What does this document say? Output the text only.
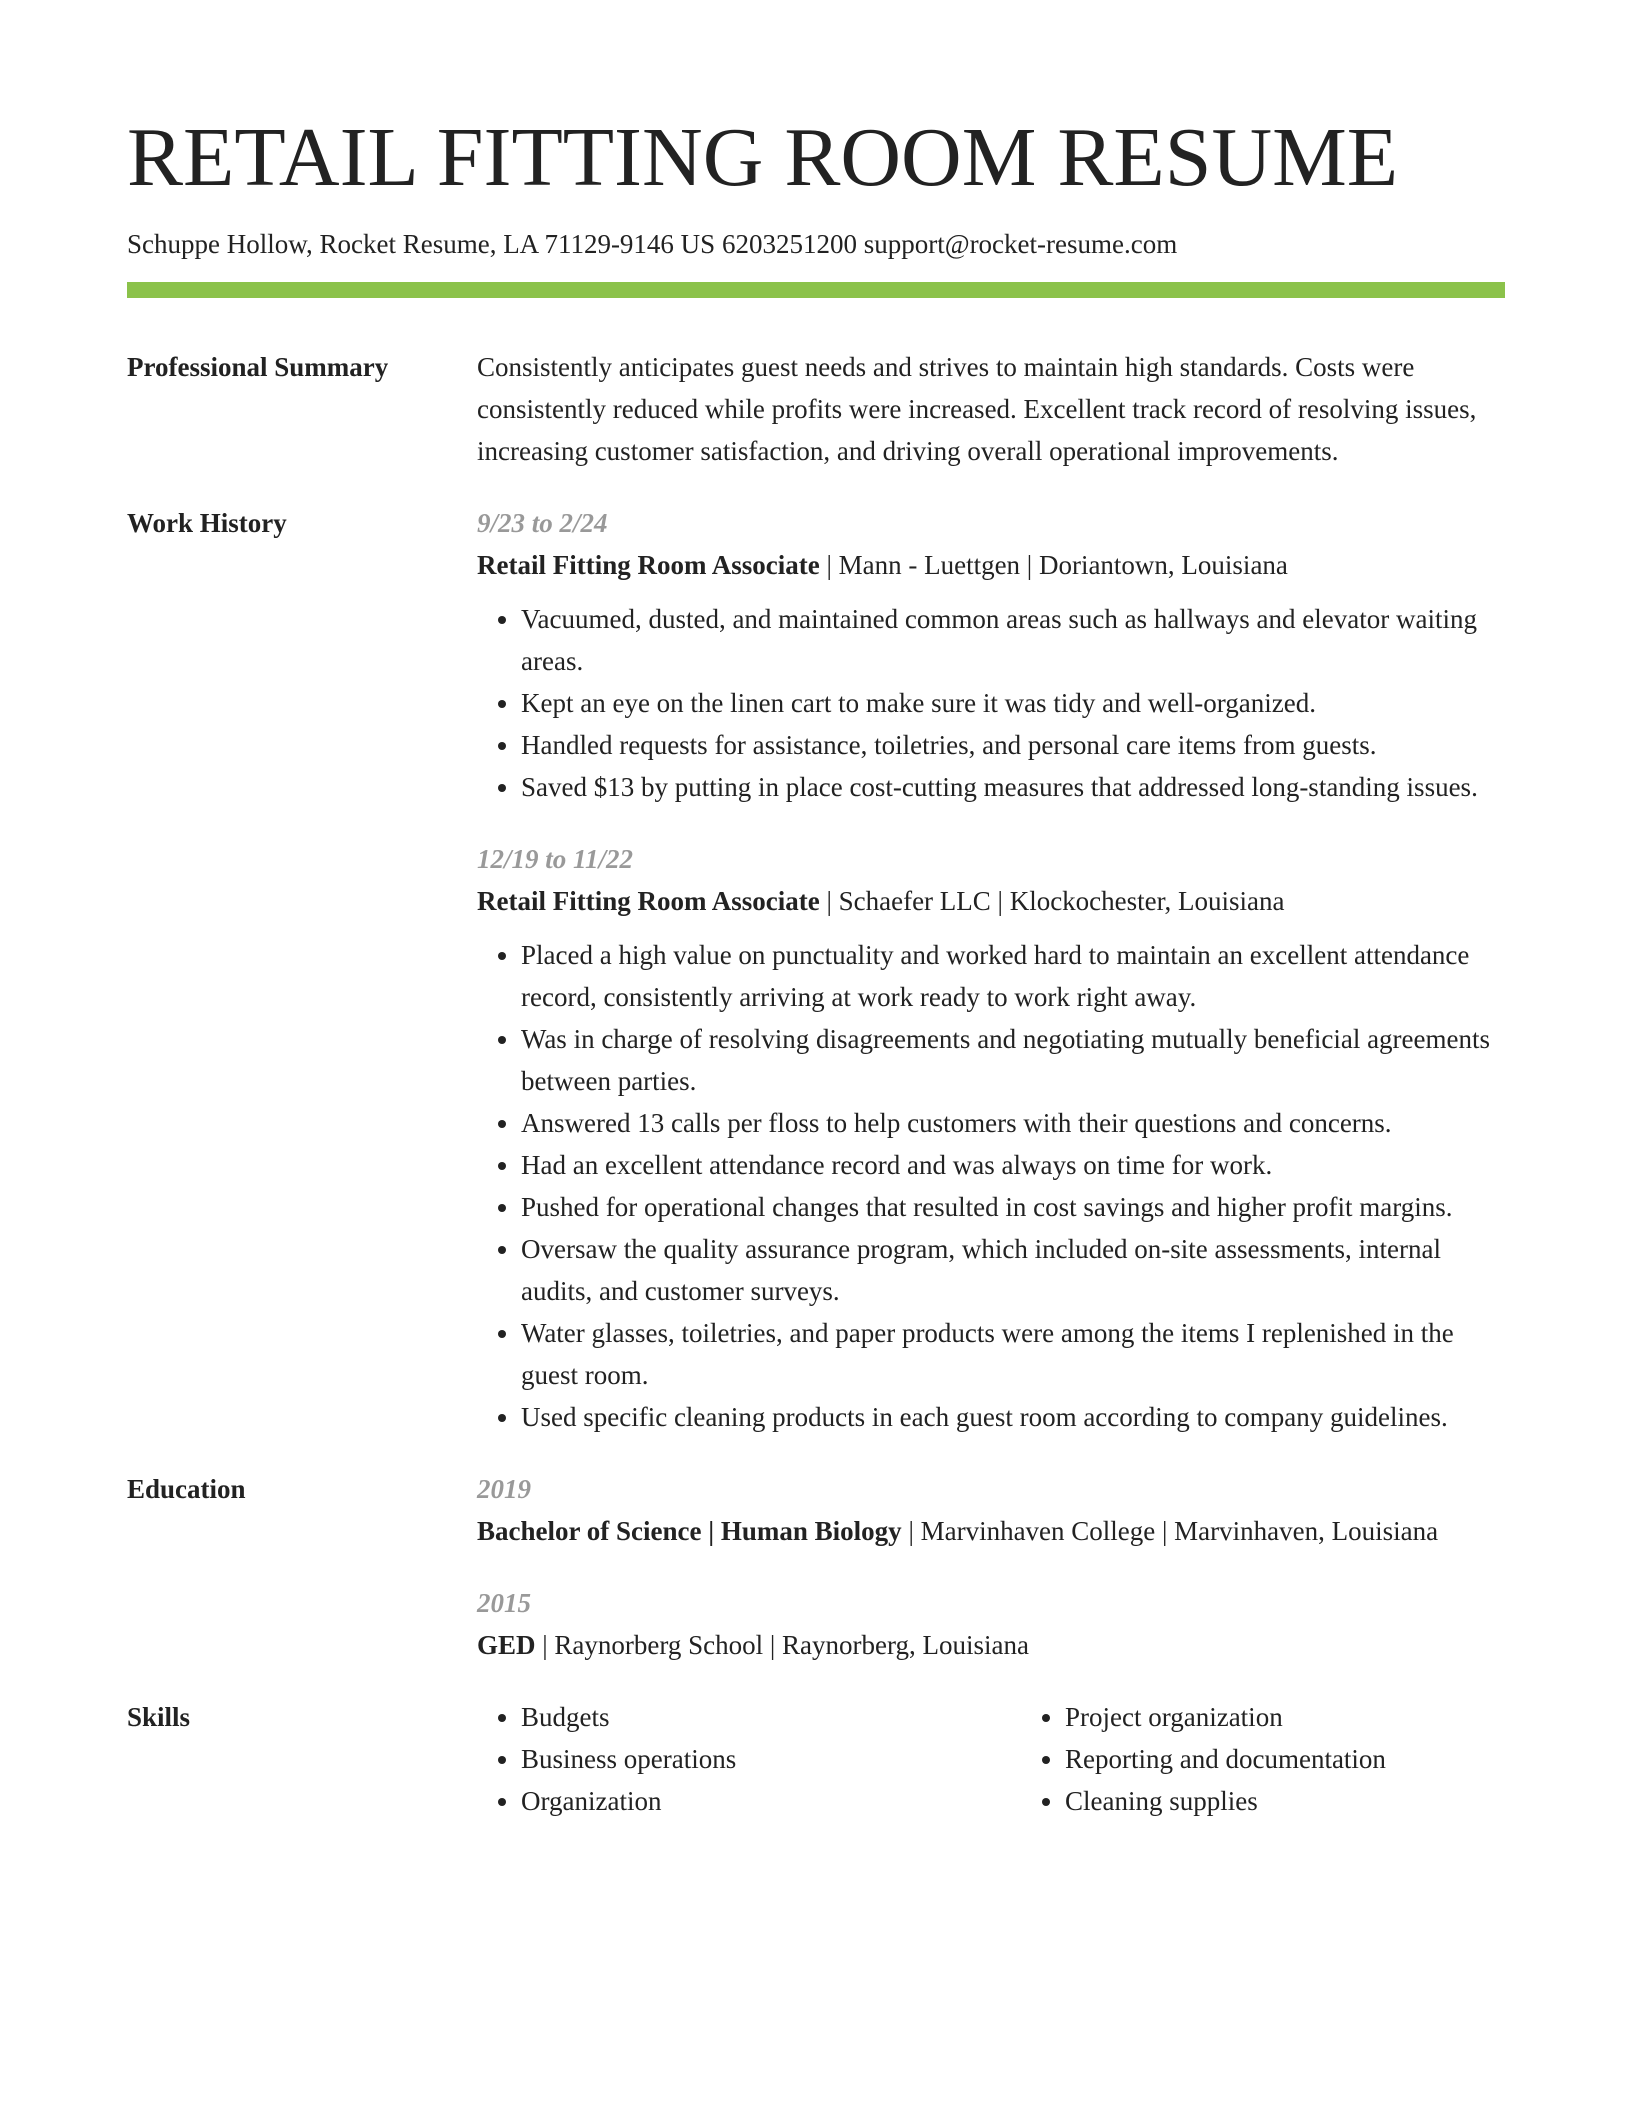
RETAIL FITTING ROOM RESUME
Schuppe Hollow, Rocket Resume, LA 71129-9146 US 6203251200 support@rocket-resume.com
Professional Summary	Consistently anticipates guest needs and strives to maintain high standards. Costs were consistently reduced while profits were increased. Excellent track record of resolving issues, increasing customer satisfaction, and driving overall operational improvements.
Work History	9/23 to 2/24
Retail Fitting Room Associate | Mann - Luettgen | Doriantown, Louisiana
• Vacuumed, dusted, and maintained common areas such as hallways and elevator waiting areas.
• Kept an eye on the linen cart to make sure it was tidy and well-organized.
• Handled requests for assistance, toiletries, and personal care items from guests.
• Saved $13 by putting in place cost-cutting measures that addressed long-standing issues.
12/19 to 11/22
Retail Fitting Room Associate | Schaefer LLC | Klockochester, Louisiana
• Placed a high value on punctuality and worked hard to maintain an excellent attendance record, consistently arriving at work ready to work right away.
• Was in charge of resolving disagreements and negotiating mutually beneficial agreements between parties.
• Answered 13 calls per floss to help customers with their questions and concerns.
• Had an excellent attendance record and was always on time for work.
• Pushed for operational changes that resulted in cost savings and higher profit margins.
• Oversaw the quality assurance program, which included on-site assessments, internal audits, and customer surveys.
• Water glasses, toiletries, and paper products were among the items I replenished in the guest room.
• Used specific cleaning products in each guest room according to company guidelines.
Education	2019
Bachelor of Science | Human Biology | Marvinhaven College | Marvinhaven, Louisiana
2015
GED | Raynorberg School | Raynorberg, Louisiana
Skills
•	Budgets
• Business operations
• Organization
• Project organization
• Reporting and documentation
• Cleaning supplies
